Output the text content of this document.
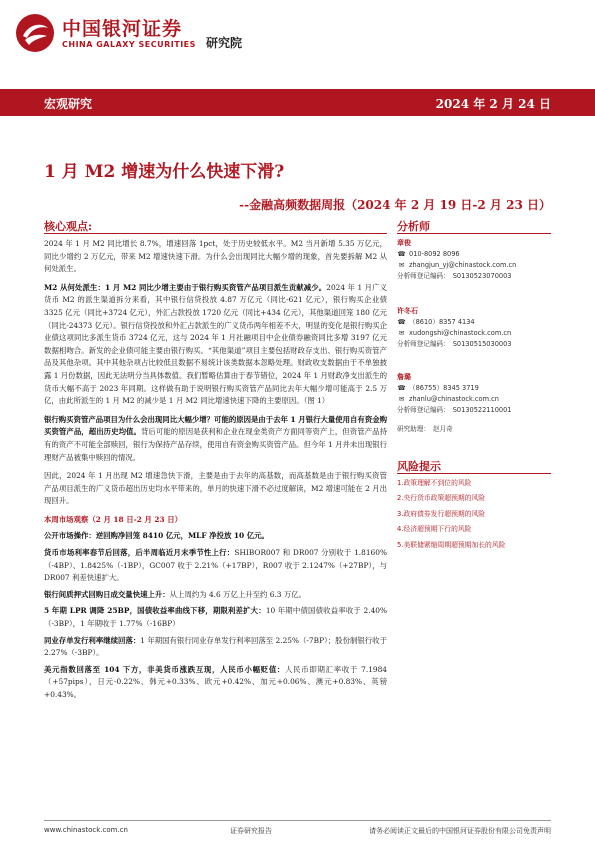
中国银河证券
CHINA GALAXY SECURITIES 研究院
宏观研究	2024 年 2 月 24 日
1 月 M2 增速为什么快速下滑?
--金融高频数据周报（2024 年 2 月 19 日-2 月 23 日）
核心观点:

2024 年 1 月 M2 同比增长 8.7%，增速回落 1pct，处于历史较低水平。M2 当月新增 5.35 万亿元，同比少增约 2 万亿元，带来 M2 增速快速下滑。为什么会出现同比大幅少增的现象，首先要拆解 M2 从何处派生。

M2 从何处派生：1 月 M2 同比少增主要由于银行购买资管产品项目派生贡献减少。2024 年 1 月广义货币 M2 的派生渠道拆分来看，其中银行信贷投放 4.87 万亿元（同比-621 亿元），银行购买企业债 3325 亿元（同比+3724 亿元），外汇占款投放 1720 亿元（同比+434 亿元），其他渠道回笼 180 亿元（同比-24373 亿元）。银行信贷投放和外汇占款派生的广义货币两年相差不大，明显的变化是银行购买企业债这项同比多派生货币 3724 亿元，这与 2024 年 1 月社融项目中企业债券融资同比多增 3197 亿元数据相吻合。新发的企业债可能主要由银行购买。“其他渠道”项目主要包括财政存支出、银行购买资管产品及其他杂项。其中其他杂项占比较低且数据不易统计该类数据本忽略处理。财政收支数据由于不单独披露 1 月份数据，因此无法明分当具体数值。我们暂略估算由于春节错位，2024 年 1 月财政净支出派生的货币大幅不高于 2023 年同期。这样做有助于说明银行购买资管产品同比去年大幅少增可能高于 2.5 万亿，由此所派生的 1 月 M2 的减少是 1 月 M2 同比增速快速下降的主要原因。（图 1）

银行购买资管产品项目为什么会出现同比大幅少增？可能的原因是由于去年 1 月银行大量使用自有资金购买资管产品，超出历史均值。背后可能的原因是获利和企业在现金类资产方面同等资产上，但资管产品持有的资产不可能全部赎回，银行为保持产品存续，使用自有资金购买资管产品。但今年 1 月并未出现银行理财产品被集中赎回的情况。

因此，2024 年 1 月出现 M2 增速急快下滑，主要是由于去年的高基数，而高基数是由于银行购买资管产品项目派生的广义货币超出历史均水平带来的，单月的快速下滑不必过度解读，M2 增速可能在 2 月出现回升。

本周市场观察（2 月 18 日-2 月 23 日）

公开市场操作：逆回购净回笼 8410 亿元，MLF 净投放 10 亿元。

货币市场利率春节后回落，后半周临近月末季节性上行：SHIBOR007 和 DR007 分别收于 1.8160%（-4BP）、1.8425%（-1BP），GC007 收于 2.21%（+17BP），R007 收于 2.1247%（+27BP），与 DR007 利差快速扩大。

银行间质押式回购日成交量快速上升：从上周约为 4.6 万亿上升至约 6.3 万亿。

5 年期 LPR 调降 25BP，国债收益率曲线下移，期限利差扩大：10 年期中债国债收益率收于 2.40%（-3BP），1 年期收于 1.77%（-16BP）

同业存单发行利率继续回落：1 年期国有银行同业存单发行利率回落至 2.25%（-7BP）；股份制银行收于 2.27%（-3BP）。

美元指数回落至 104 下方，非美货币涨跌互现，人民币小幅贬值：人民币即期汇率收于 7.1984（+57pips），日元-0.22%、韩元+0.33%、欧元+0.42%、加元+0.06%、澳元+0.83%、英镑+0.43%。

分析师
章俊
☎ 010-8092 8096
✉ zhangjun_yj@chinastock.com.cn
分析师登记编码： S0130523070003
许冬石
☎ （8610）8357 4134
✉ xudongshi@chinastock.com.cn
分析师登记编码： S0130515030003
詹璐
☎ （86755）8345 3719
✉ zhanlu@chinastock.com.cn
分析师登记编码： S0130522110001
研究助理： 赵月奇
风险提示
1.政策理解不到位的风险
2.央行货币政策超预期的风险
3.政府债券发行超预期的风险
4.经济超预期下行的风险
5.美联储紧缩周期超预期加长的风险
www.chinastock.com.cn	证券研究报告	请务必阅读正文最后的中国银河证券股份有限公司免责声明
